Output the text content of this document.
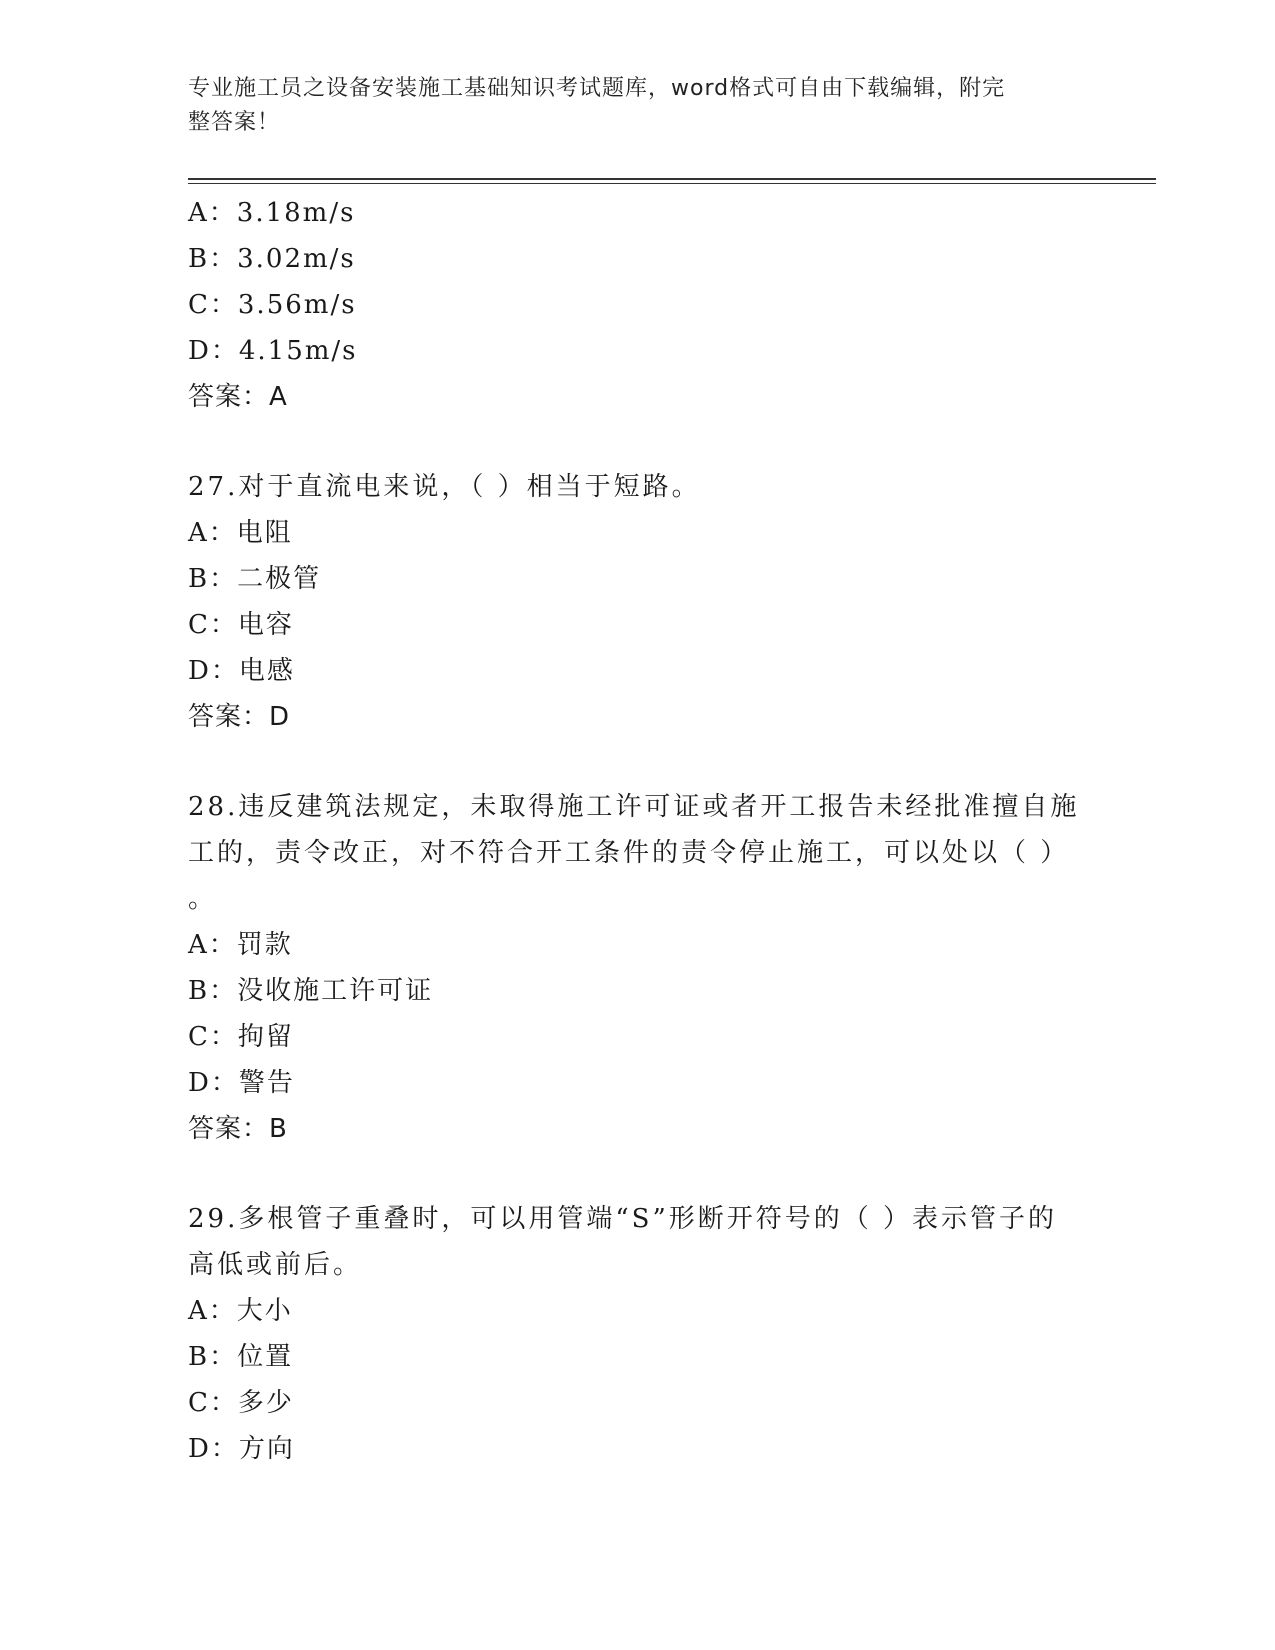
专业施工员之设备安装施工基础知识考试题库，word格式可自由下载编辑，附完
整答案！
A：3.18m/s
B：3.02m/s
C：3.56m/s
D：4.15m/s
答案：A
27.对于直流电来说，（ ）相当于短路。
A：电阻
B：二极管
C：电容
D：电感
答案：D
28.违反建筑法规定，未取得施工许可证或者开工报告未经批准擅自施
工的，责令改正，对不符合开工条件的责令停止施工，可以处以（ ）
。
A：罚款
B：没收施工许可证
C：拘留
D：警告
答案：B
29.多根管子重叠时，可以用管端“S”形断开符号的（ ）表示管子的
高低或前后。
A：大小
B：位置
C：多少
D：方向
